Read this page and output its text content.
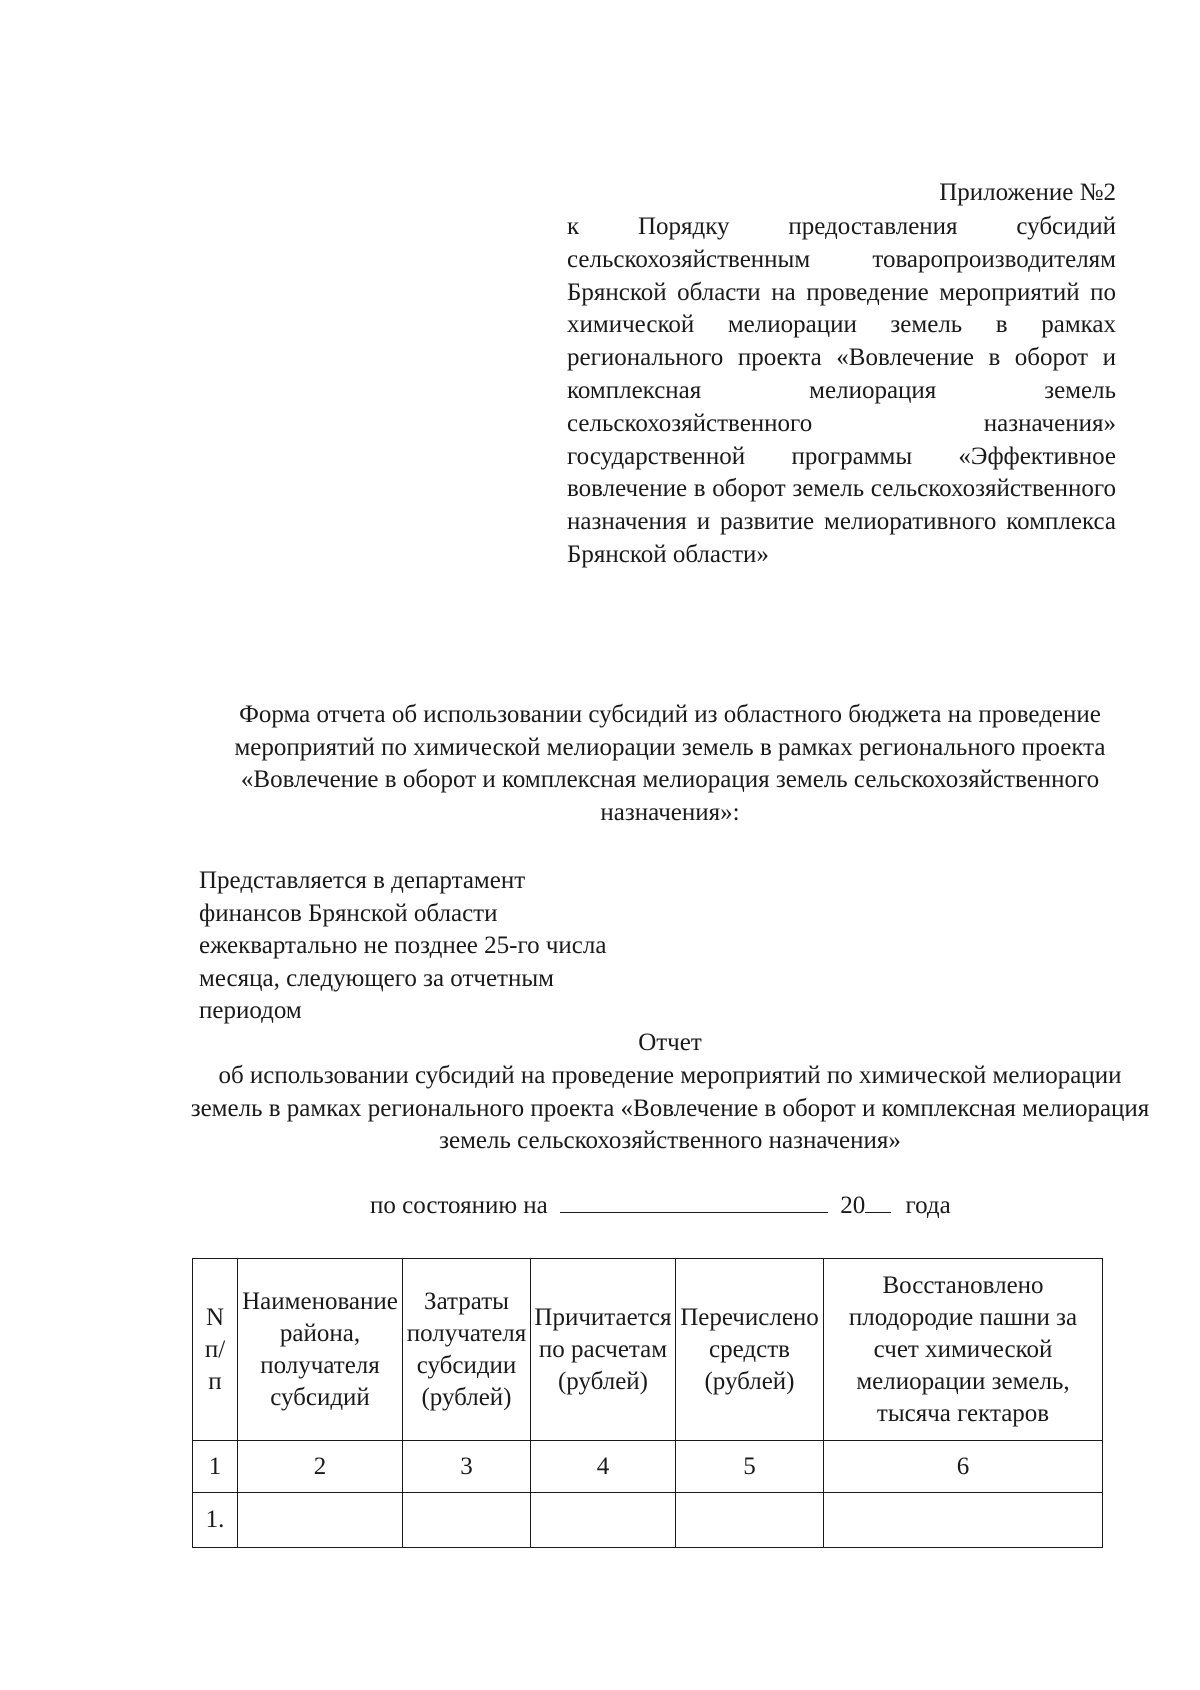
Приложение №2

к Порядку предоставления субсидий сельскохозяйственным товаропроизводителям Брянской области на проведение мероприятий по химической мелиорации земель в рамках регионального проекта «Вовлечение в оборот и комплексная мелиорация земель сельскохозяйственного назначения» государственной программы «Эффективное вовлечение в оборот земель сельскохозяйственного назначения и развитие мелиоративного комплекса Брянской области»

Форма отчета об использовании субсидий из областного бюджета на проведение мероприятий по химической мелиорации земель в рамках регионального проекта «Вовлечение в оборот и комплексная мелиорация земель сельскохозяйственного назначения»:

Представляется в департамент финансов Брянской области ежеквартально не позднее 25-го числа месяца, следующего за отчетным периодом

Отчет

об использовании субсидий на проведение мероприятий по химической мелиорации земель в рамках регионального проекта «Вовлечение в оборот и комплексная мелиорация земель сельскохозяйственного назначения»

по состоянию на	20 года

N п/ п	Наименование района, получателя субсидий	Затраты получателя субсидии (рублей)	Причитается по расчетам (рублей)	Перечислено средств (рублей)	Восстановлено плодородие пашни за счет химической мелиорации земель, тысяча гектаров
1	2	3	4	5	6
1.					
